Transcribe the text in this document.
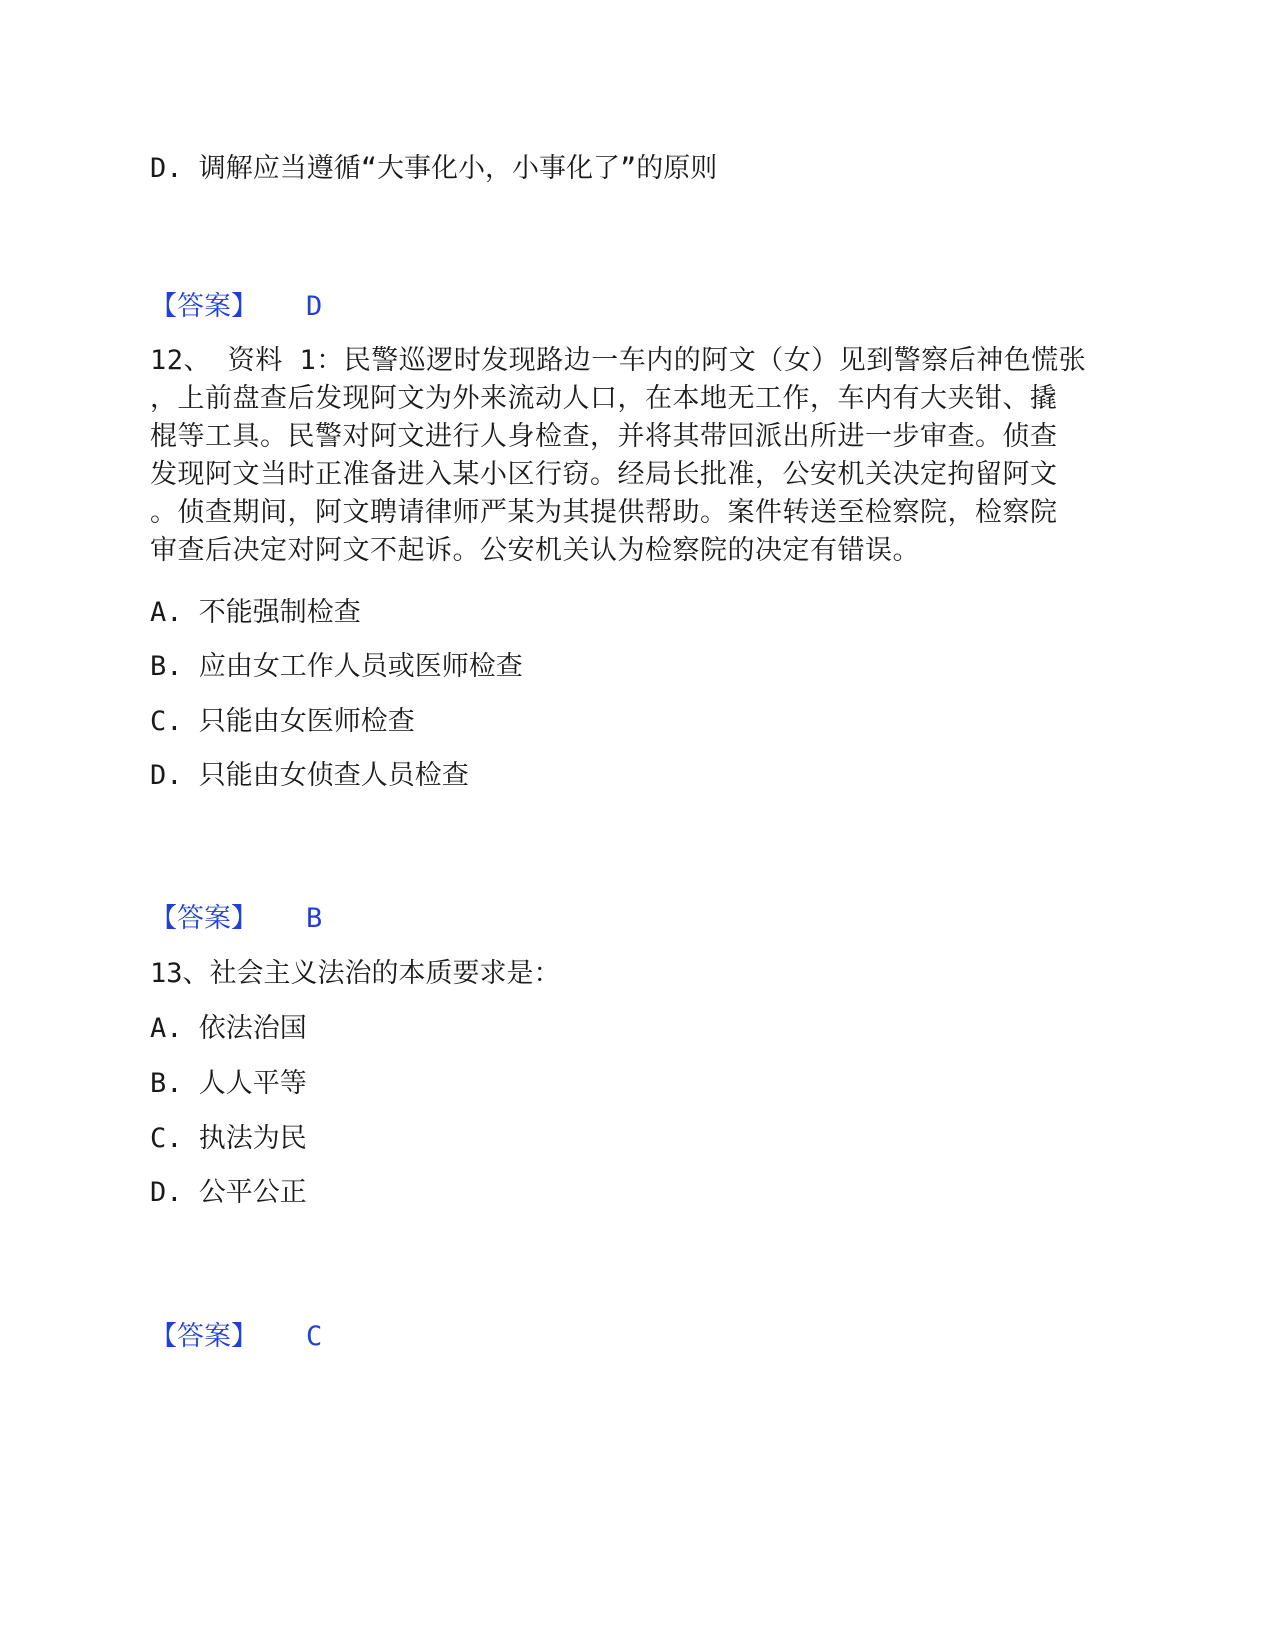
D. 调解应当遵循“大事化小，小事化了”的原则
【答案】 D
12、 资料 1：民警巡逻时发现路边一车内的阿文（女）见到警察后神色慌张
，上前盘查后发现阿文为外来流动人口，在本地无工作，车内有大夹钳、撬
棍等工具。民警对阿文进行人身检查，并将其带回派出所进一步审查。侦查
发现阿文当时正准备进入某小区行窃。经局长批准，公安机关决定拘留阿文
。侦查期间，阿文聘请律师严某为其提供帮助。案件转送至检察院，检察院
审查后决定对阿文不起诉。公安机关认为检察院的决定有错误。
A. 不能强制检查
B. 应由女工作人员或医师检查
C. 只能由女医师检查
D. 只能由女侦查人员检查
【答案】 B
13、社会主义法治的本质要求是：
A. 依法治国
B. 人人平等
C. 执法为民
D. 公平公正
【答案】 C
